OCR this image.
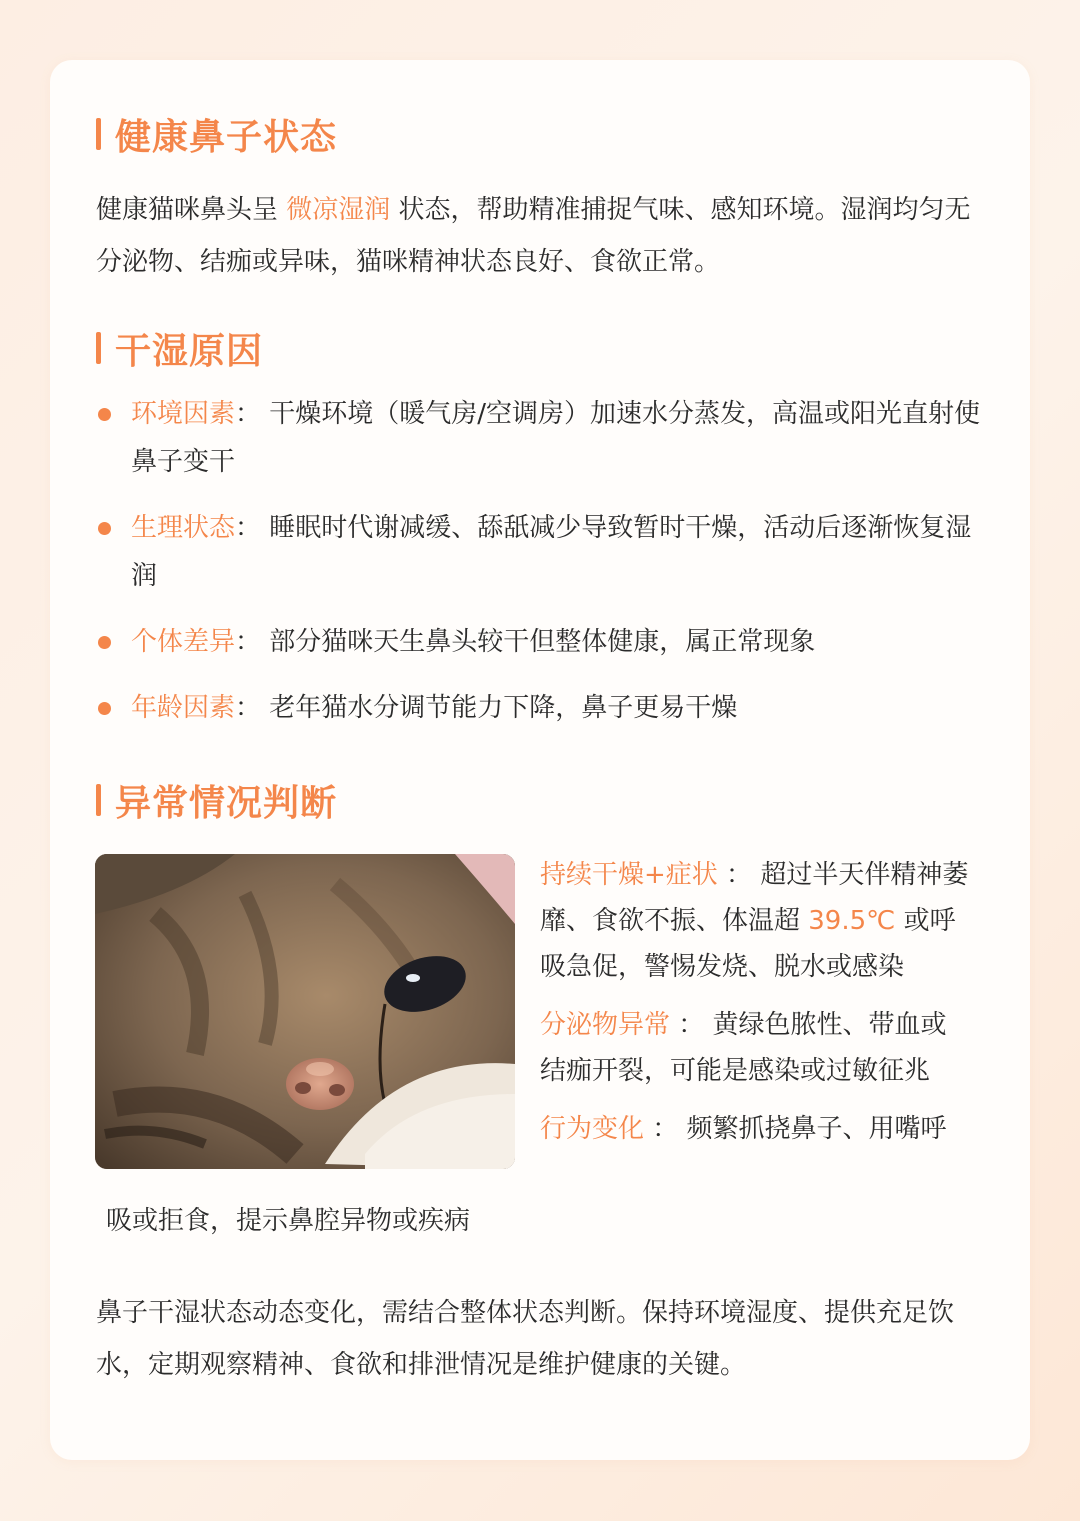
健康鼻子状态

健康猫咪鼻头呈 微凉湿润 状态，帮助精准捕捉气味、感知环境。湿润均匀无分泌物、结痂或异味，猫咪精神状态良好、食欲正常。

干湿原因
环境因素： 干燥环境（暖气房/空调房）加速水分蒸发，高温或阳光直射使鼻子变干
生理状态： 睡眠时代谢减缓、舔舐减少导致暂时干燥，活动后逐渐恢复湿润
个体差异： 部分猫咪天生鼻头较干但整体健康，属正常现象
年龄因素： 老年猫水分调节能力下降，鼻子更易干燥
异常情况判断

持续干燥+症状 ： 超过半天伴精神萎靡、食欲不振、体温超 39.5℃ 或呼吸急促，警惕发烧、脱水或感染

分泌物异常 ： 黄绿色脓性、带血或结痂开裂，可能是感染或过敏征兆

行为变化 ： 频繁抓挠鼻子、用嘴呼

吸或拒食，提示鼻腔异物或疾病

鼻子干湿状态动态变化，需结合整体状态判断。保持环境湿度、提供充足饮水，定期观察精神、食欲和排泄情况是维护健康的关键。
